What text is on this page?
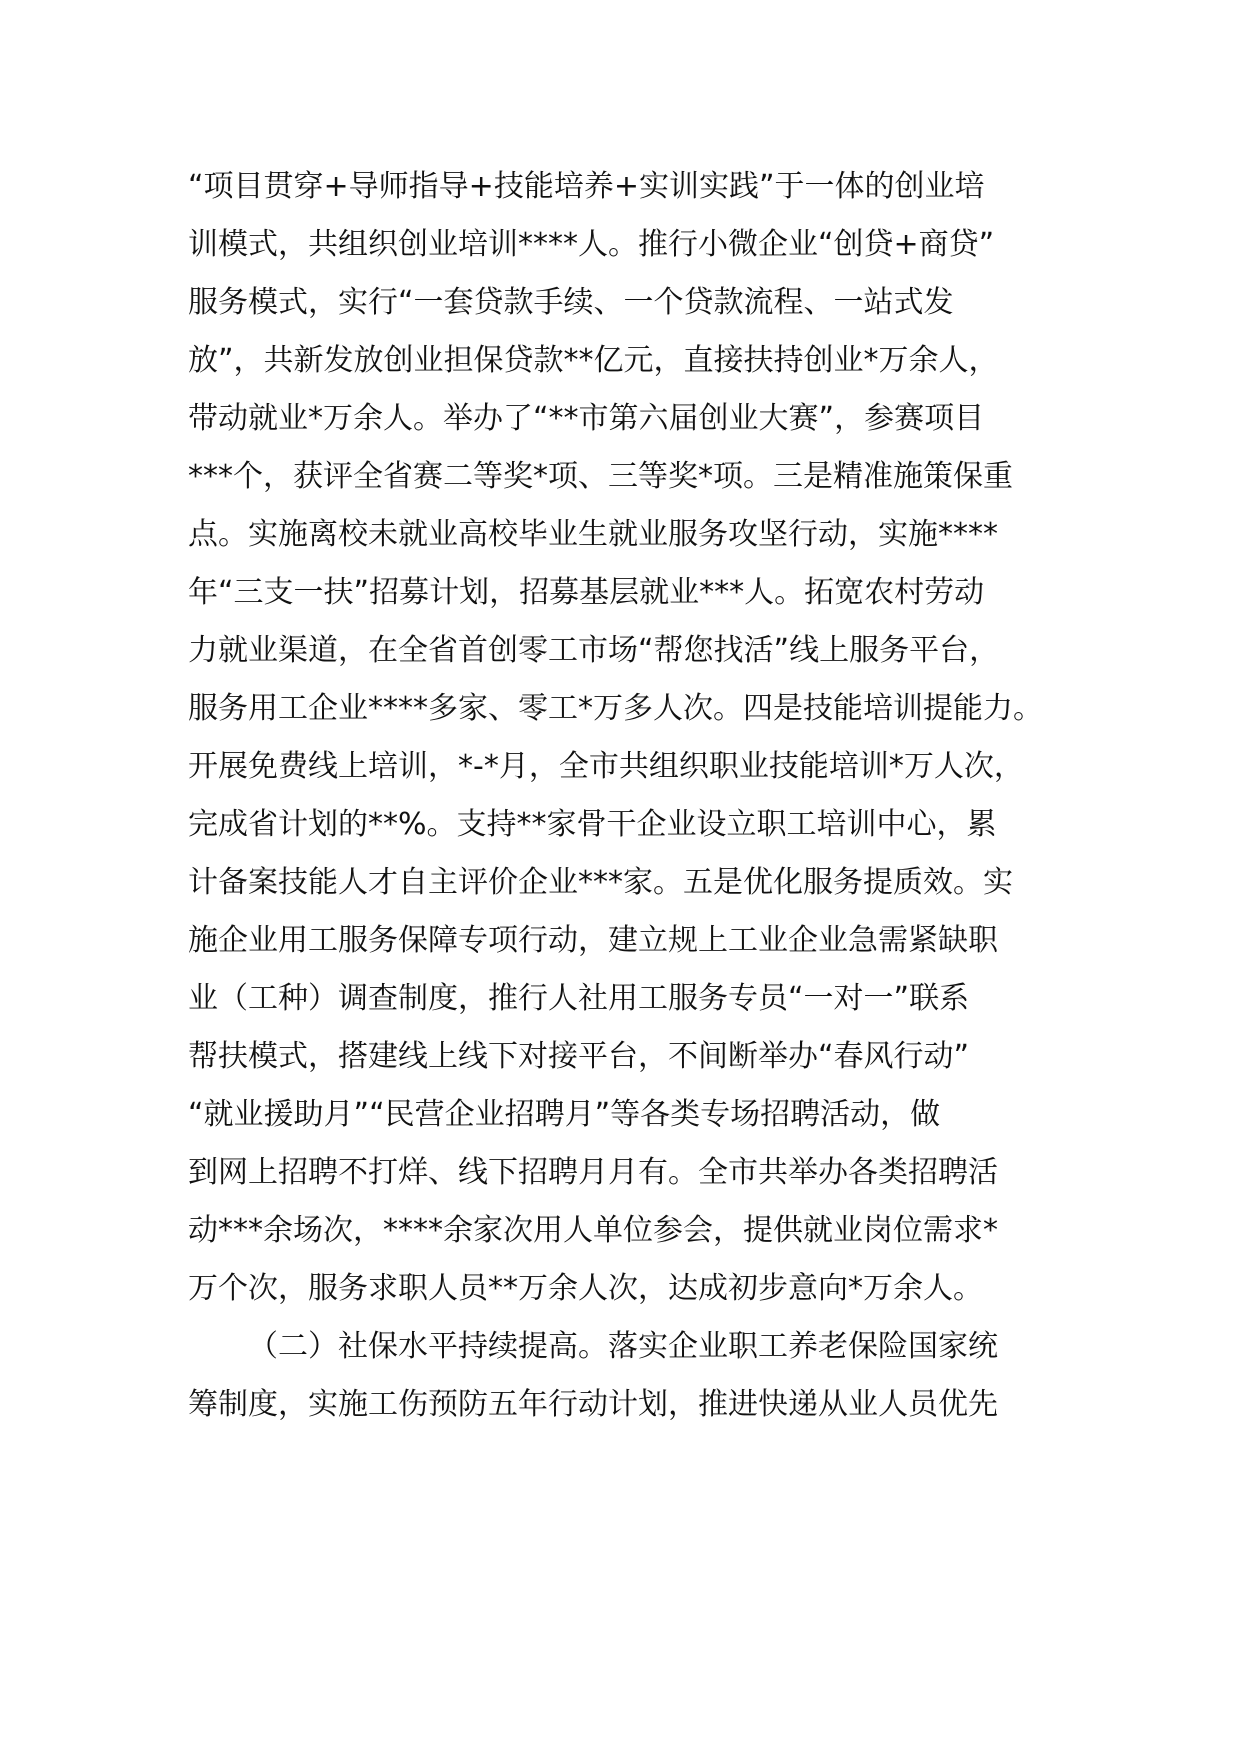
“项目贯穿+导师指导+技能培养+实训实践”于一体的创业培
训模式，共组织创业培训****人。推行小微企业“创贷+商贷”
服务模式，实行“一套贷款手续、一个贷款流程、一站式发
放”，共新发放创业担保贷款**亿元，直接扶持创业*万余人，
带动就业*万余人。举办了“**市第六届创业大赛”，参赛项目
***个，获评全省赛二等奖*项、三等奖*项。三是精准施策保重
点。实施离校未就业高校毕业生就业服务攻坚行动，实施****
年“三支一扶”招募计划，招募基层就业***人。拓宽农村劳动
力就业渠道，在全省首创零工市场“帮您找活”线上服务平台，
服务用工企业****多家、零工*万多人次。四是技能培训提能力。
开展免费线上培训，*-*月，全市共组织职业技能培训*万人次，
完成省计划的**%。支持**家骨干企业设立职工培训中心，累
计备案技能人才自主评价企业***家。五是优化服务提质效。实
施企业用工服务保障专项行动，建立规上工业企业急需紧缺职
业（工种）调查制度，推行人社用工服务专员“一对一”联系
帮扶模式，搭建线上线下对接平台，不间断举办“春风行动”
“就业援助月”“民营企业招聘月”等各类专场招聘活动，做
到网上招聘不打烊、线下招聘月月有。全市共举办各类招聘活
动***余场次，****余家次用人单位参会，提供就业岗位需求*
万个次，服务求职人员**万余人次，达成初步意向*万余人。
（二）社保水平持续提高。落实企业职工养老保险国家统
筹制度，实施工伤预防五年行动计划，推进快递从业人员优先
